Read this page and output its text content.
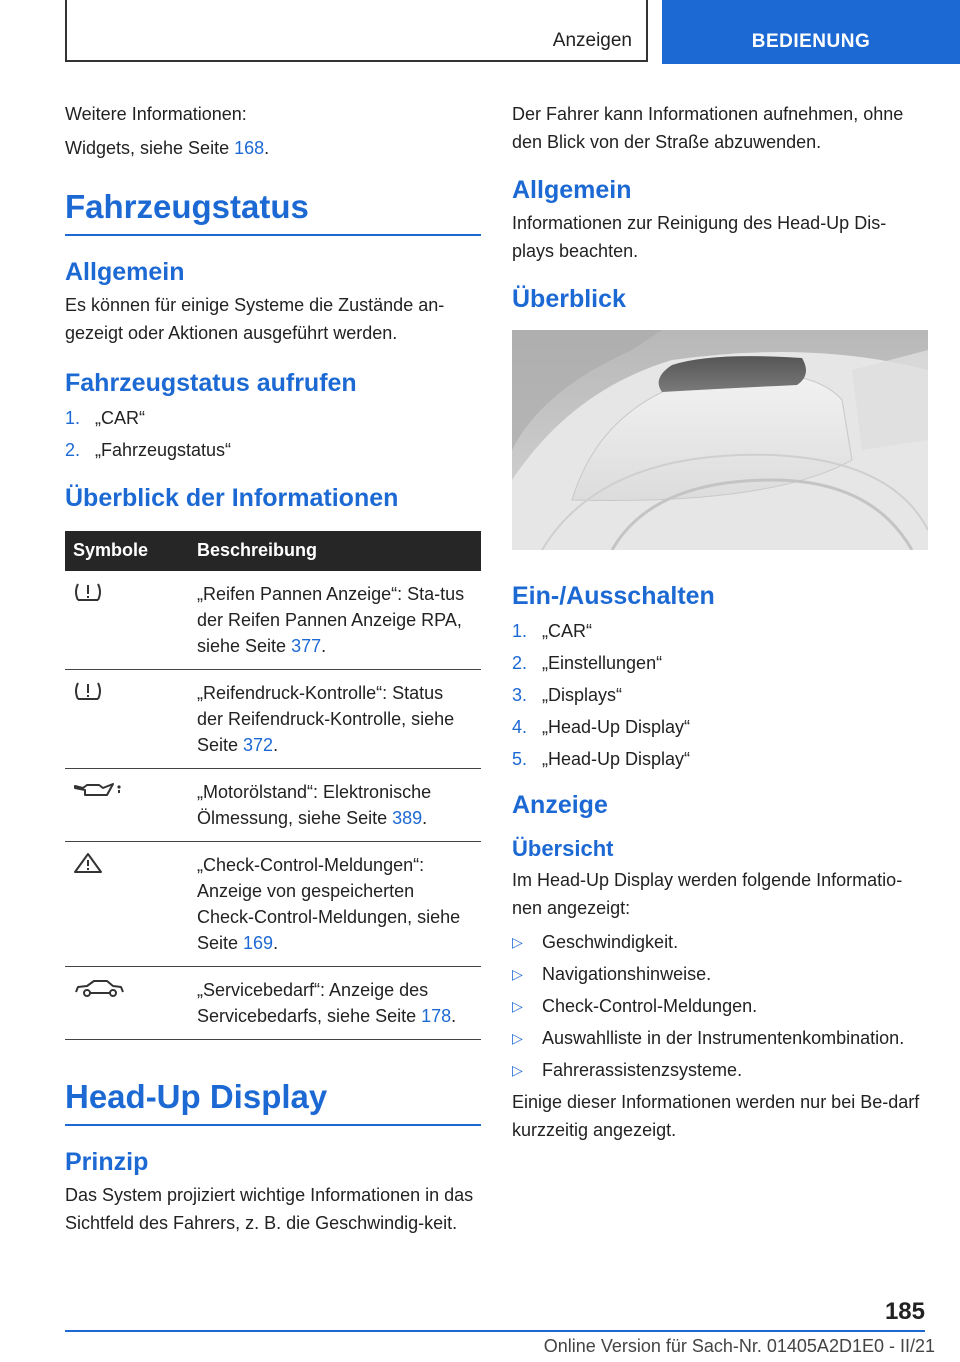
Anzeigen	BEDIENUNG

Weitere Informationen:

Widgets, siehe Seite 168.

Fahrzeugstatus
Allgemein

Es können für einige Systeme die Zustände an-gezeigt oder Aktionen ausgeführt werden.

Fahrzeugstatus aufrufen
1. „CAR“
2. „Fahrzeugstatus“
Überblick der Informationen
Symbole	Beschreibung
	„Reifen Pannen Anzeige“: Sta-tus der Reifen Pannen Anzeige RPA, siehe Seite 377.
	„Reifendruck-Kontrolle“: Status der Reifendruck-Kontrolle, siehe Seite 372.
	„Motorölstand“: Elektronische Ölmessung, siehe Seite 389.
	„Check-Control-Meldungen“: Anzeige von gespeicherten Check-Control-Meldungen, siehe Seite 169.
	„Servicebedarf“: Anzeige des Servicebedarfs, siehe Seite 178.
Head-Up Display
Prinzip

Das System projiziert wichtige Informationen in das Sichtfeld des Fahrers, z. B. die Geschwindig-keit.

Der Fahrer kann Informationen aufnehmen, ohne den Blick von der Straße abzuwenden.

Allgemein

Informationen zur Reinigung des Head-Up Dis-plays beachten.

Überblick
Ein-/Ausschalten
1. „CAR“
2. „Einstellungen“
3. „Displays“
4. „Head-Up Display“
5. „Head-Up Display“
Anzeige
Übersicht

Im Head-Up Display werden folgende Informatio-nen angezeigt:

▷	Geschwindigkeit.
▷	Navigationshinweise.
▷	Check-Control-Meldungen.
▷	Auswahlliste in der Instrumentenkombination.
▷	Fahrerassistenzsysteme.

Einige dieser Informationen werden nur bei Be-darf kurzzeitig angezeigt.

185
Online Version für Sach-Nr. 01405A2D1E0 - II/21
